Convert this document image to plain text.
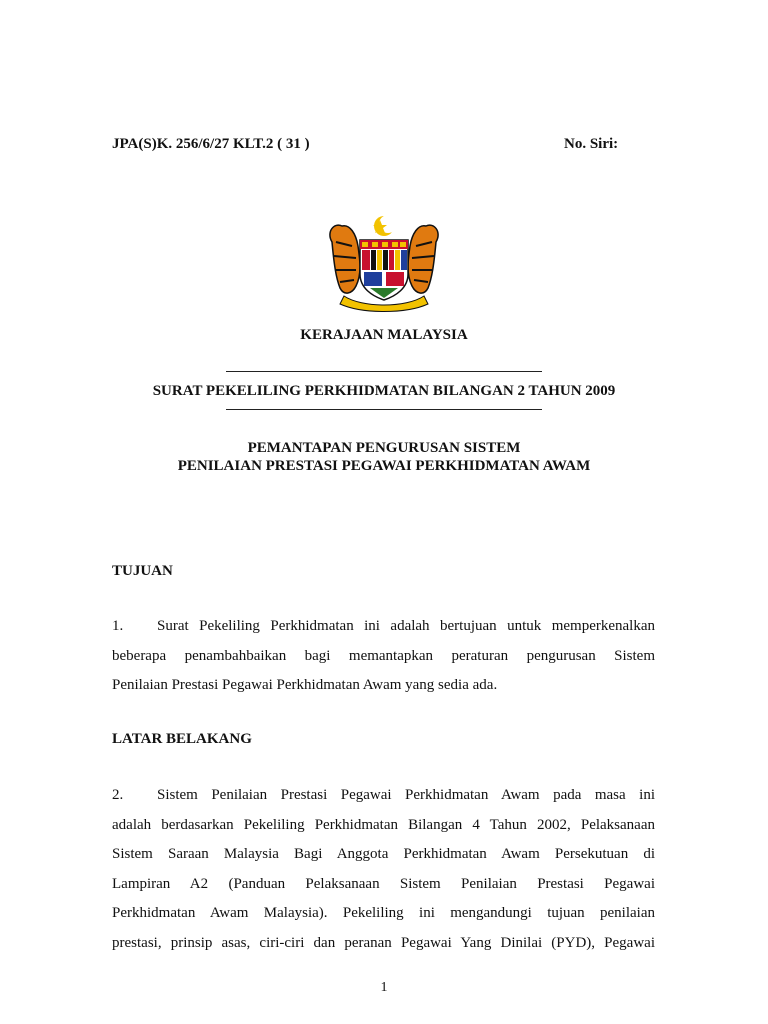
JPA(S)K. 256/6/27 KLT.2 ( 31 )	No. Siri:
KERAJAAN MALAYSIA
SURAT PEKELILING PERKHIDMATAN BILANGAN 2 TAHUN 2009
PEMANTAPAN PENGURUSAN SISTEM
PENILAIAN PRESTASI PEGAWAI PERKHIDMATAN AWAM
TUJUAN
1. Surat Pekeliling Perkhidmatan ini adalah bertujuan untuk memperkenalkan
beberapa penambahbaikan bagi memantapkan peraturan pengurusan Sistem
Penilaian Prestasi Pegawai Perkhidmatan Awam yang sedia ada.
LATAR BELAKANG
2. Sistem Penilaian Prestasi Pegawai Perkhidmatan Awam pada masa ini
adalah berdasarkan Pekeliling Perkhidmatan Bilangan 4 Tahun 2002, Pelaksanaan
Sistem Saraan Malaysia Bagi Anggota Perkhidmatan Awam Persekutuan di
Lampiran A2 (Panduan Pelaksanaan Sistem Penilaian Prestasi Pegawai
Perkhidmatan Awam Malaysia). Pekeliling ini mengandungi tujuan penilaian
prestasi, prinsip asas, ciri-ciri dan peranan Pegawai Yang Dinilai (PYD), Pegawai
1
